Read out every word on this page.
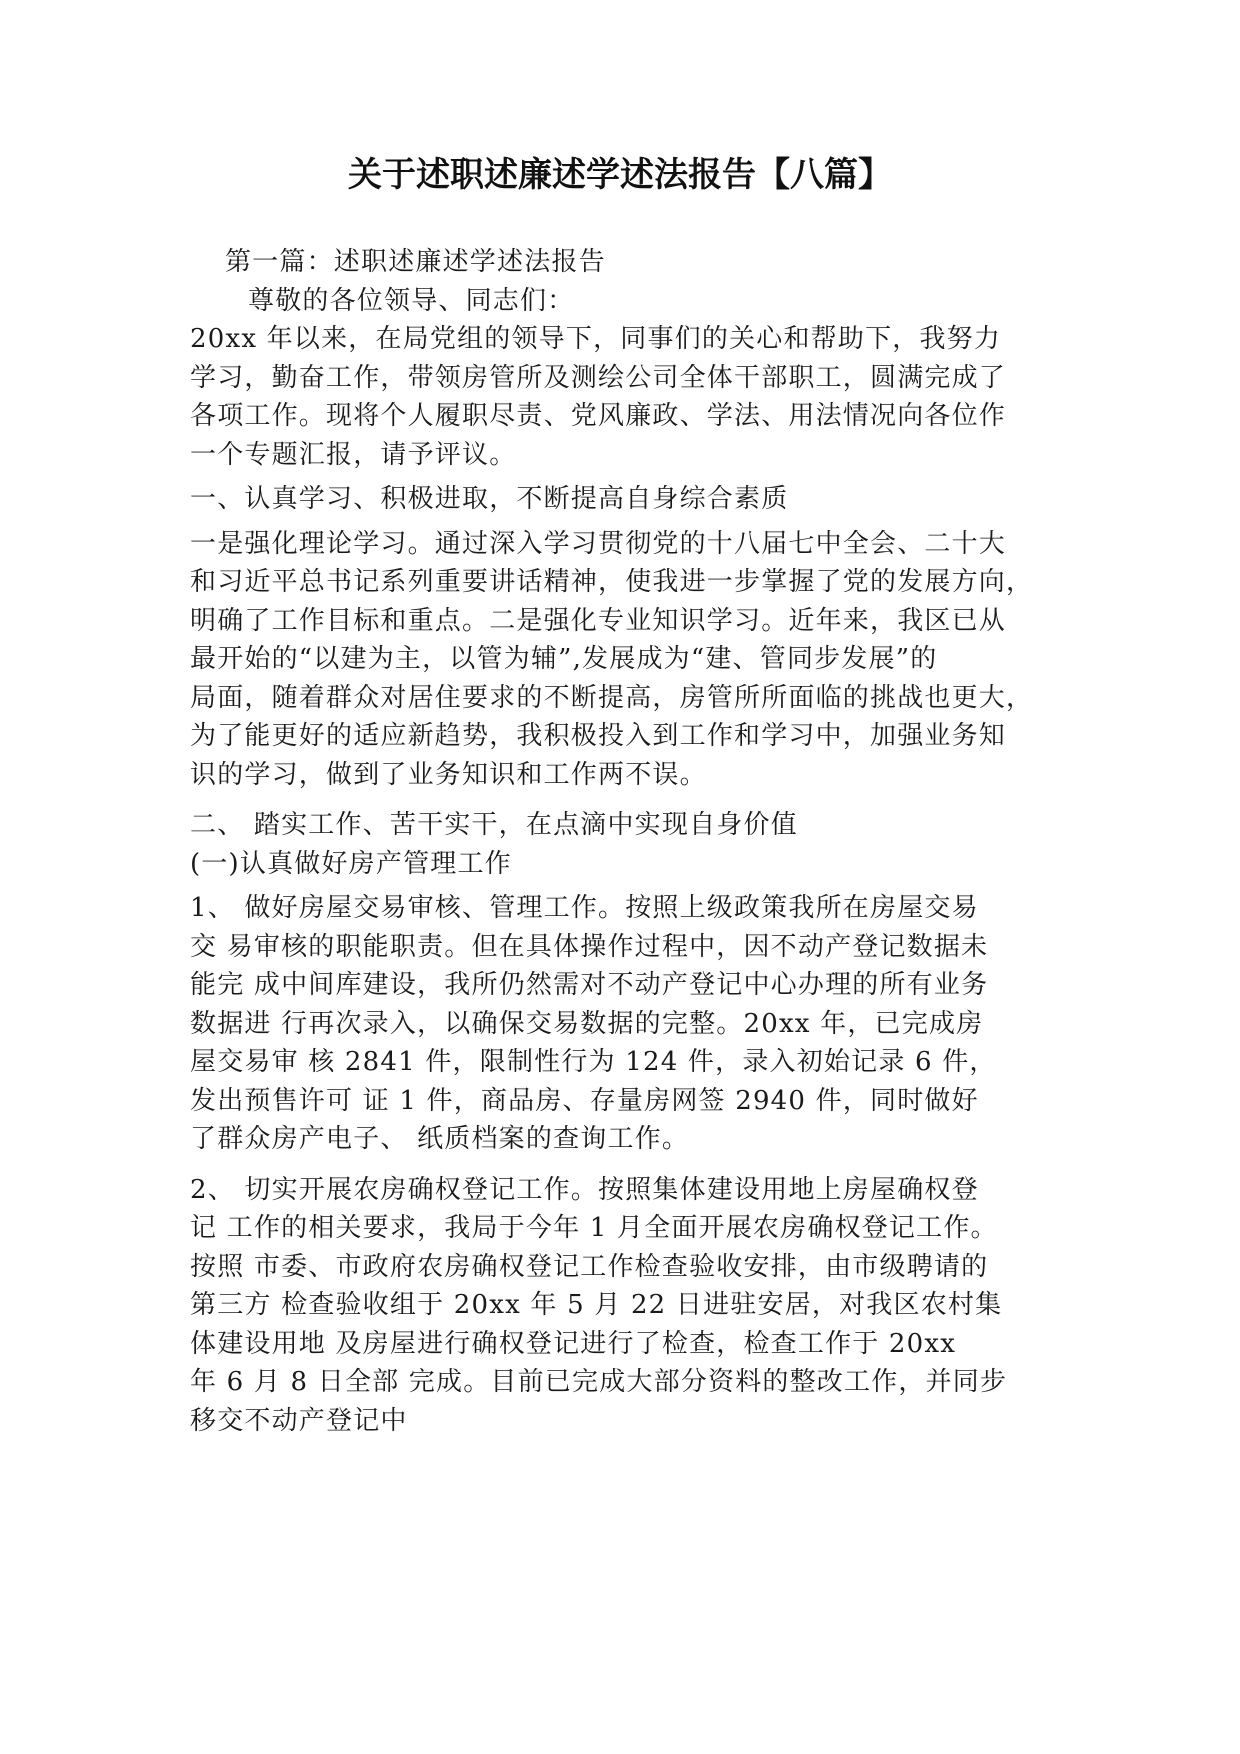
关于述职述廉述学述法报告【八篇】

第一篇：述职述廉述学述法报告

尊敬的各位领导、同志们：

20xx 年以来，在局党组的领导下，同事们的关心和帮助下，我努力

学习，勤奋工作，带领房管所及测绘公司全体干部职工，圆满完成了

各项工作。现将个人履职尽责、党风廉政、学法、用法情况向各位作

一个专题汇报，请予评议。

一、认真学习、积极进取，不断提高自身综合素质

一是强化理论学习。通过深入学习贯彻党的十八届七中全会、二十大

和习近平总书记系列重要讲话精神，使我进一步掌握了党的发展方向，

明确了工作目标和重点。二是强化专业知识学习。近年来，我区已从

最开始的“以建为主，以管为辅”,发展成为“建、管同步发展”的

局面，随着群众对居住要求的不断提高，房管所所面临的挑战也更大，

为了能更好的适应新趋势，我积极投入到工作和学习中，加强业务知

识的学习，做到了业务知识和工作两不误。

二、 踏实工作、苦干实干，在点滴中实现自身价值

(一)认真做好房产管理工作

1、 做好房屋交易审核、管理工作。按照上级政策我所在房屋交易

交 易审核的职能职责。但在具体操作过程中，因不动产登记数据未

能完 成中间库建设，我所仍然需对不动产登记中心办理的所有业务

数据进 行再次录入，以确保交易数据的完整。20xx 年，已完成房

屋交易审 核 2841 件，限制性行为 124 件，录入初始记录 6 件，

发出预售许可 证 1 件，商品房、存量房网签 2940 件，同时做好

了群众房产电子、 纸质档案的查询工作。

2、 切实开展农房确权登记工作。按照集体建设用地上房屋确权登

记 工作的相关要求，我局于今年 1 月全面开展农房确权登记工作。

按照 市委、市政府农房确权登记工作检查验收安排，由市级聘请的

第三方 检查验收组于 20xx 年 5 月 22 日进驻安居，对我区农村集

体建设用地 及房屋进行确权登记进行了检查，检查工作于 20xx

年 6 月 8 日全部 完成。目前已完成大部分资料的整改工作，并同步

移交不动产登记中
